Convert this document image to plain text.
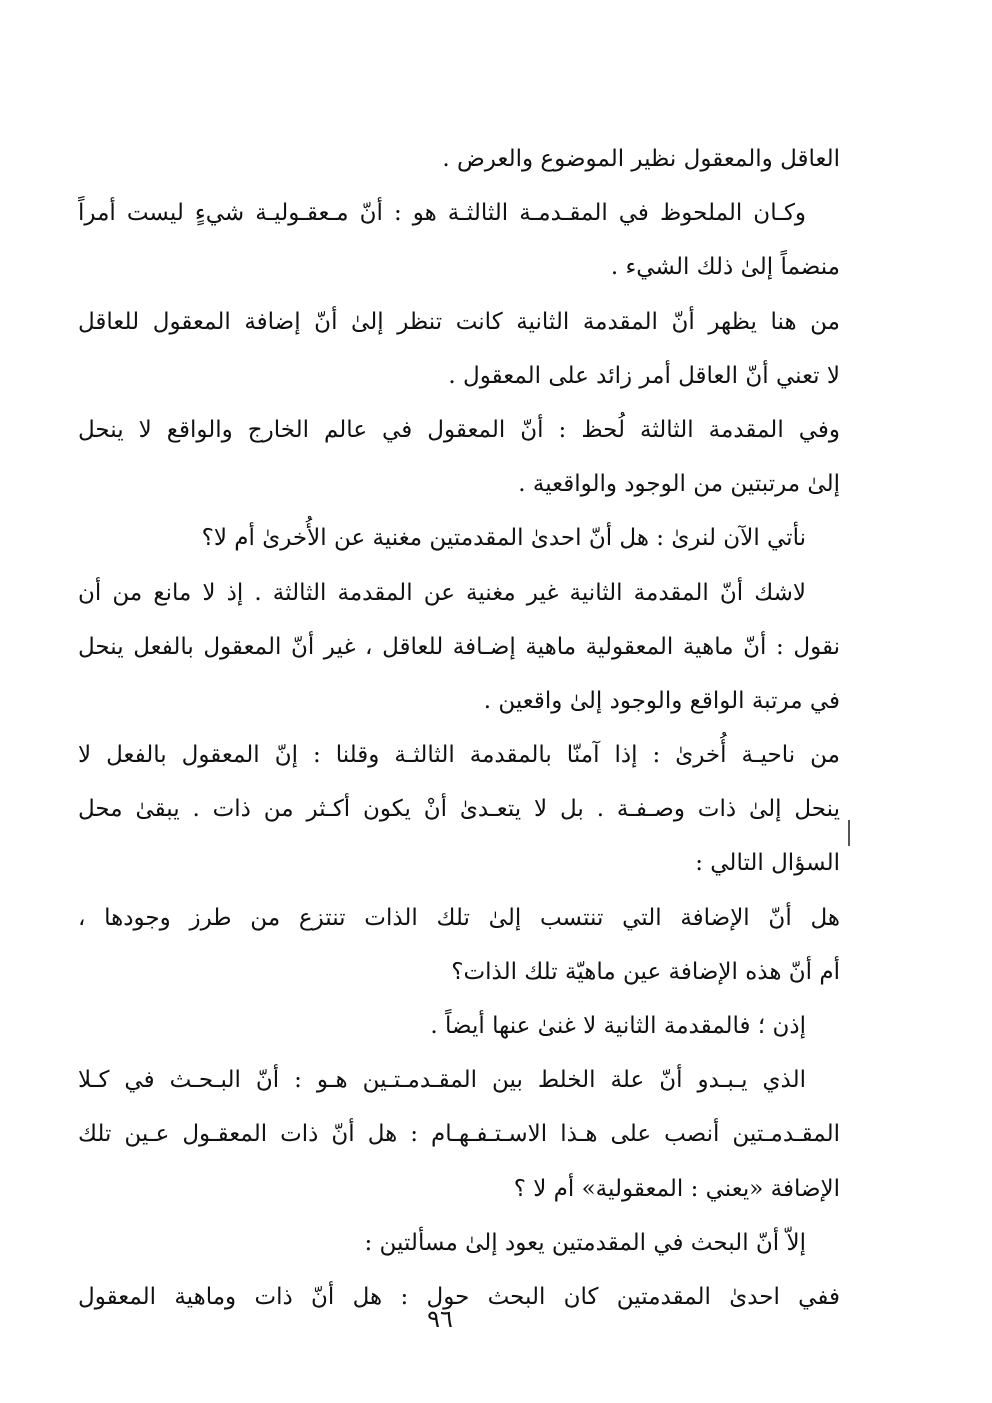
العاقل والمعقول نظير الموضوع والعرض .
وكـان الملحوظ في المقـدمـة الثالثـة هو : أنّ مـعقـوليـة شيءٍ ليست أمراً
منضماً إلىٰ ذلك الشيء .
من هنا يظهر أنّ المقدمة الثانية كانت تنظر إلىٰ أنّ إضافة المعقول للعاقل
لا تعني أنّ العاقل أمر زائد على المعقول .
وفي المقدمة الثالثة لُحظ : أنّ المعقول في عالم الخارج والواقع لا ينحل
إلىٰ مرتبتين من الوجود والواقعية .
نأتي الآن لنرىٰ : هل أنّ احدىٰ المقدمتين مغنية عن الأُخرىٰ أم لا؟
لاشك أنّ المقدمة الثانية غير مغنية عن المقدمة الثالثة . إذ لا مانع من أن
نقول : أنّ ماهية المعقولية ماهية إضـافة للعاقل ، غير أنّ المعقول بالفعل ينحل
في مرتبة الواقع والوجود إلىٰ واقعين .
من ناحيـة أُخرىٰ : إذا آمنّا بالمقدمة الثالثـة وقلنا : إنّ المعقول بالفعل لا
ينحل إلىٰ ذات وصـفـة . بل لا يتعـدىٰ أنْ يكون أكـثر من ذات . يبقىٰ محل
السؤال التالي :
هل أنّ الإضافة التي تنتسب إلىٰ تلك الذات تنتزع من طرز وجودها ،
أم أنّ هذه الإضافة عين ماهيّة تلك الذات؟
إذن ؛ فالمقدمة الثانية لا غنىٰ عنها أيضاً .
الذي يـبـدو أنّ علة الخلط بين المقـدمـتـين هـو : أنّ البـحـث في كـلا
المقـدمـتين أنصب على هـذا الاسـتـفـهـام : هل أنّ ذات المعقـول عـين تلك
الإضافة «يعني : المعقولية» أم لا ؟
إلاّ أنّ البحث في المقدمتين يعود إلىٰ مسألتين :
ففي احدىٰ المقدمتين كان البحث حول : هل أنّ ذات وماهية المعقول
٩٦
